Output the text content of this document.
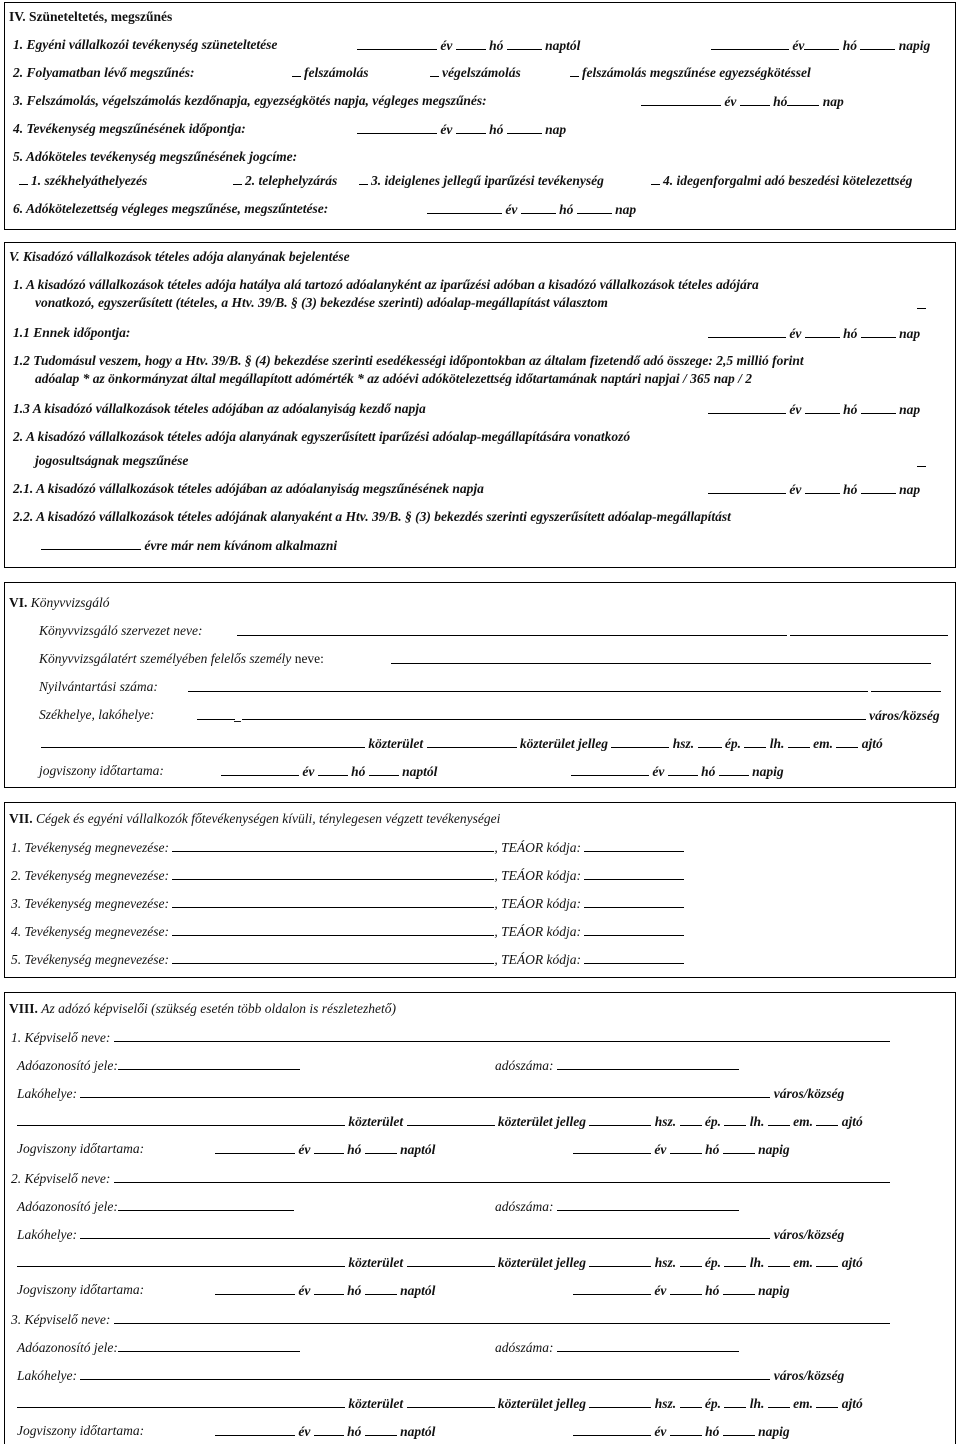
IV. Szüneteltetés, megszűnés
1. Egyéni vállalkozói tevékenység szüneteltetése	év	hó	naptól	év	hó	napig
2. Folyamatban lévő megszűnés:	felszámolás	végelszámolás	felszámolás megszűnése egyezségkötéssel
3. Felszámolás, végelszámolás kezdőnapja, egyezségkötés napja, végleges megszűnés:	év	hó	nap
4. Tevékenység megszűnésének időpontja:	év	hó	nap
5. Adóköteles tevékenység megszűnésének jogcíme:
1. székhelyáthelyezés	2. telephelyzárás	3. ideiglenes jellegű iparűzési tevékenység	4. idegenforgalmi adó beszedési kötelezettség
6. Adókötelezettség végleges megszűnése, megszűntetése:	év	hó	nap
V. Kisadózó vállalkozások tételes adója alanyának bejelentése
1. A kisadózó vállalkozások tételes adója hatálya alá tartozó adóalanyként az iparűzési adóban a kisadózó vállalkozások tételes adójára
vonatkozó, egyszerűsített (tételes, a Htv. 39/B. § (3) bekezdése szerinti) adóalap-megállapítást választom
1.1 Ennek időpontja:	év	hó	nap
1.2 Tudomásul veszem, hogy a Htv. 39/B. § (4) bekezdése szerinti esedékességi időpontokban az általam fizetendő adó összege: 2,5 millió forint
adóalap * az önkormányzat által megállapított adómérték * az adóévi adókötelezettség időtartamának naptári napjai / 365 nap / 2
1.3 A kisadózó vállalkozások tételes adójában az adóalanyiság kezdő napja	év	hó	nap
2. A kisadózó vállalkozások tételes adója alanyának egyszerűsített iparűzési adóalap-megállapítására vonatkozó
jogosultságnak megszűnése
2.1. A kisadózó vállalkozások tételes adójában az adóalanyiság megszűnésének napja	év	hó	nap
2.2. A kisadózó vállalkozások tételes adójának alanyaként a Htv. 39/B. § (3) bekezdés szerinti egyszerűsített adóalap-megállapítást
évre már nem kívánom alkalmazni
VI. Könyvvizsgáló
Könyvvizsgáló szervezet neve:

Könyvvizsgálatért személyében felelős személy neve:
Nyilvántartási száma:

Székhelye, lakóhelye:	_	város/község
közterület	közterület jelleg	hsz. ép. lh. em. ajtó
jogviszony időtartama:	év	hó	naptól	év	hó	napig
VII. Cégek és egyéni vállalkozók főtevékenységen kívüli, ténylegesen végzett tevékenységei
1. Tevékenység megnevezése:	, TEÁOR kódja:
2. Tevékenység megnevezése:	, TEÁOR kódja:
3. Tevékenység megnevezése:	, TEÁOR kódja:
4. Tevékenység megnevezése:	, TEÁOR kódja:
5. Tevékenység megnevezése:	, TEÁOR kódja:
VIII. Az adózó képviselői (szükség esetén több oldalon is részletezhető)
1. Képviselő neve:
Adóazonosító jele:	adószáma:
Lakóhelye:	város/község
közterület	közterület jelleg	hsz. ép. lh. em. ajtó
Jogviszony időtartama:	év	hó	naptól	év	hó	napig
2. Képviselő neve:
Adóazonosító jele:	adószáma:
Lakóhelye:	város/község
közterület	közterület jelleg	hsz. ép. lh. em. ajtó
Jogviszony időtartama:	év	hó	naptól	év	hó	napig
3. Képviselő neve:
Adóazonosító jele:	adószáma:
Lakóhelye:	város/község
közterület	közterület jelleg	hsz. ép. lh. em. ajtó
Jogviszony időtartama:	év	hó	naptól	év	hó	napig
